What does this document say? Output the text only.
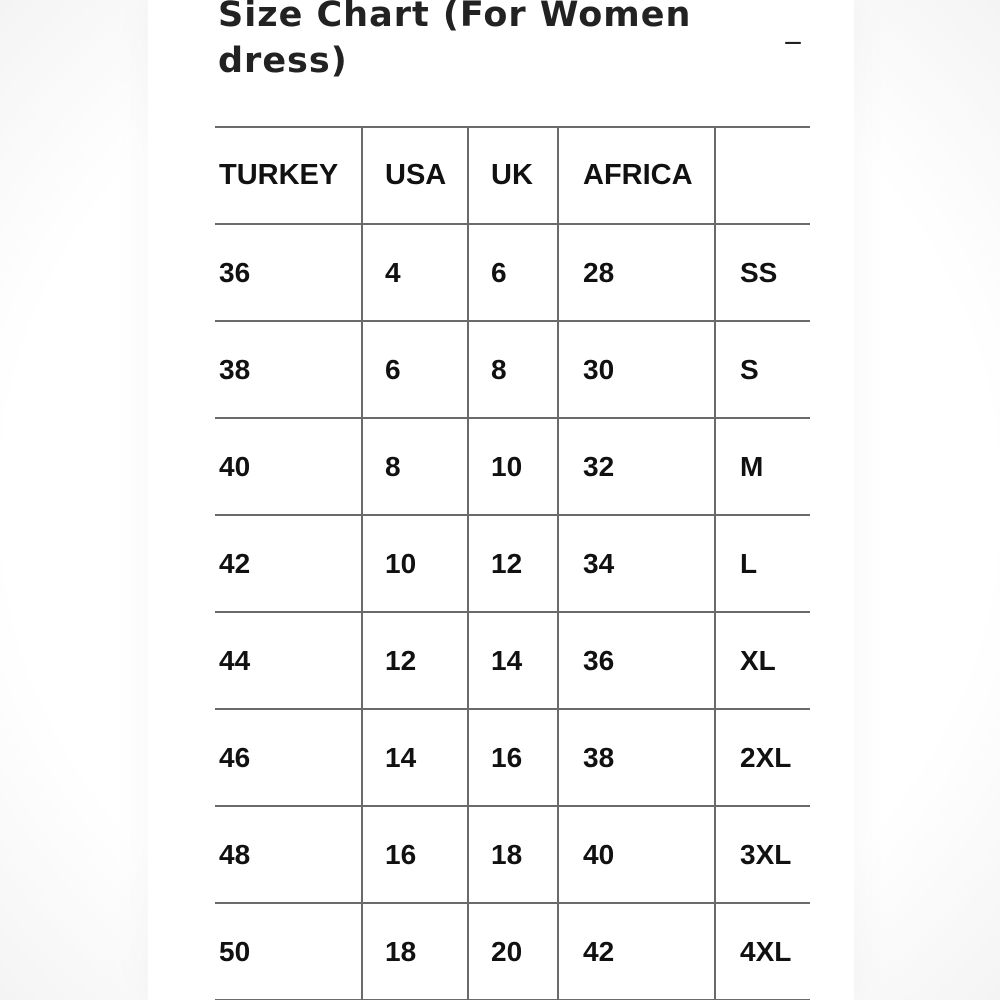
Size Chart (For Women dress)
_
TURKEY	USA	UK	AFRICA	
36	4	6	28	SS
38	6	8	30	S
40	8	10	32	M
42	10	12	34	L
44	12	14	36	XL
46	14	16	38	2XL
48	16	18	40	3XL
50	18	20	42	4XL
